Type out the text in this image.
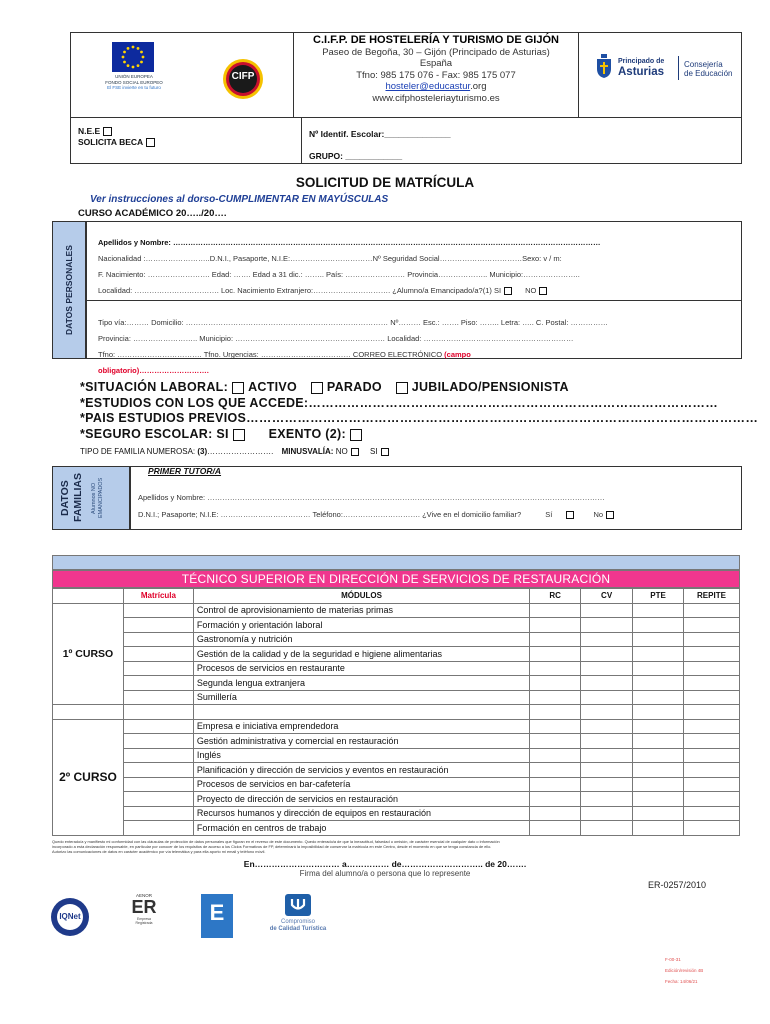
UNIÓN EUROPEA
FONDO SOCIAL EUROPEO
El FSE invierte en tu futuro
CIFP
C.I.F.P. DE HOSTELERÍA Y TURISMO DE GIJÓN
Paseo de Begoña, 30 – Gijón (Principado de Asturias)
España
Tfno: 985 175 076 - Fax: 985 175 077
hosteler@educastur.org
www.cifphosteleriayturismo.es
Principado de
Asturias
Consejería
de Educación
N.E.E
SOLICITA BECA
Nº Identif. Escolar:______________
GRUPO: ____________
SOLICITUD DE MATRÍCULA
Ver instrucciones al dorso-CUMPLIMENTAR EN MAYÚSCULAS
CURSO ACADÉMICO 20…../20….
DATOS PERSONALES
Apellidos y Nombre: ………………………………………………………………………………………………………………………………………………………
Nacionalidad :……………………..D.N.I., Pasaporte, N.I.E:……………………………Nº Seguridad Social……………………………Sexo: v / m:
F. Nacimiento: ……………………. Edad: ……. Edad a 31 dic.: …….. País: …………………… Provincia……………….. Municipio:…………………..
Localidad: ……………………………. Loc. Nacimiento Extranjero:…………………………. ¿Alumno/a Emancipado/a?(1) SI	NO
Tipo vía:……… Domicilio: ……………………………………………………………………… Nº……… Esc.: ……. Piso: …….. Letra: ….. C. Postal: ……………
Provincia: …………………….. Municipio: …………………………………………………… Localidad: ……………………………………………………
Tfno: ……………………………. Tfno. Urgencias: ……………………………… CORREO ELECTRÓNICO (campo
obligatorio)……………………….
*SITUACIÓN LABORAL: ACTIVO PARADO JUBILADO/PENSIONISTA
*ESTUDIOS CON LOS QUE ACCEDE:……………………………………………………………………………………
*PAIS ESTUDIOS PREVIOS…………………………………………………………………………………………………………
*SEGURO ESCOLAR: SI	EXENTO (2):
TIPO DE FAMILIA NUMEROSA: (3)……………………. MINUSVALÍA: NO	SI
DATOS FAMILIAS	Alumnos NO EMANCIPADOS
PRIMER TUTOR/A
Apellidos y Nombre: ……………………………………………………………………………………………………………………………………………
D.N.I.; Pasaporte; N.I.E: ……………………………… Teléfono:…………………………. ¿Vive en el domicilio familiar?	Sí	No
TÉCNICO SUPERIOR EN DIRECCIÓN DE SERVICIOS DE RESTAURACIÓN
	Matrícula	MÓDULOS	RC	CV	PTE	REPITE
1º CURSO		Control de aprovisionamiento de materias primas				
		Formación y orientación laboral				
		Gastronomía y nutrición				
		Gestión de la calidad y de la seguridad e higiene alimentarias				
		Procesos de servicios en restaurante				
		Segunda lengua extranjera				
		Sumillería				

2º CURSO		Empresa e iniciativa emprendedora				
		Gestión administrativa y comercial en restauración				
		Inglés				
		Planificación y dirección de servicios y eventos en restauración				
		Procesos de servicios en bar-cafetería				
		Proyecto de dirección de servicios en restauración				
		Recursos humanos y dirección de equipos en restauración				
		Formación en centros de trabajo				
Quedo enterado/a y manifiesto mi conformidad con las cláusulas de protección de datos personales que figuran en el reverso de este documento. Quedo enterado/a de que la inexactitud, falsedad u omisión, de carácter esencial de cualquier dato o información
incorporado a esta declaración responsable, en particular por conocer de los requisitos de acceso a los Ciclos Formativos de FP, determinará la imposibilidad de conservar la matrícula en este Centro, desde el momento en que se tenga constancia de ello.
Autorizo las comunicaciones de datos en carácter académico por vía telemática y para ella aporto mi email y teléfono móvil.
En………………………… a…………… de……………………….. de 20…….
Firma del alumno/a o persona que lo represente
ER-0257/2010
IQNet
AENOR
ER
Empresa Registrada	E	Compromiso
de Calidad Turística
F-00-31
Edición/revisión 4B
Fecha: 14/06/21
